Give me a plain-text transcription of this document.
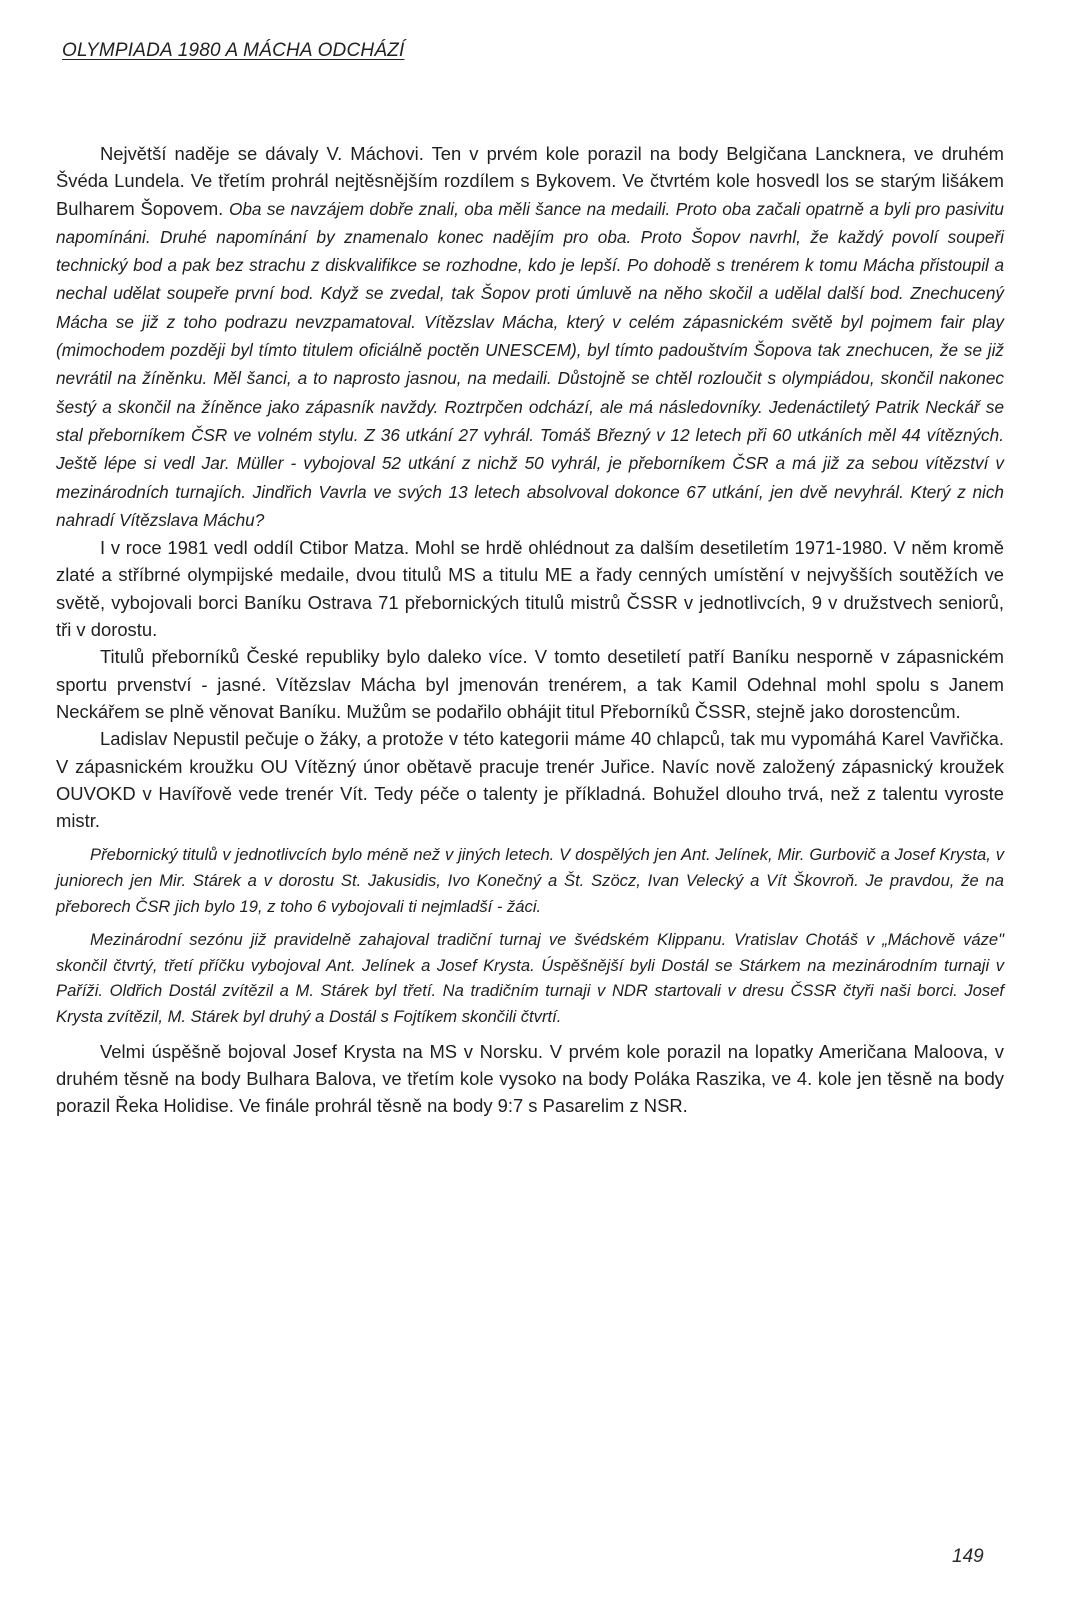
OLYMPIADA 1980 A MÁCHA ODCHÁZÍ

Největší naděje se dávaly V. Máchovi. Ten v prvém kole porazil na body Belgičana Lancknera, ve druhém Švéda Lundela. Ve třetím prohrál nejtěsnějším rozdílem s Bykovem. Ve čtvrtém kole hosvedl los se starým lišákem Bulharem Šopovem. Oba se navzájem dobře znali, oba měli šance na medaili. Proto oba začali opatrně a byli pro pasivitu napomínáni. Druhé napomínání by znamenalo konec nadějím pro oba. Proto Šopov navrhl, že každý povolí soupeři technický bod a pak bez strachu z diskvalifikce se rozhodne, kdo je lepší. Po dohodě s trenérem k tomu Mácha přistoupil a nechal udělat soupeře první bod. Když se zvedal, tak Šopov proti úmluvě na něho skočil a udělal další bod. Znechucený Mácha se již z toho podrazu nevzpamatoval. Vítězslav Mácha, který v celém zápasnickém světě byl pojmem fair play (mimochodem později byl tímto titulem oficiálně poctěn UNESCEM), byl tímto padouštvím Šopova tak znechucen, že se již nevrátil na žíněnku. Měl šanci, a to naprosto jasnou, na medaili. Důstojně se chtěl rozloučit s olympiádou, skončil nakonec šestý a skončil na žíněnce jako zápasník navždy. Roztrpčen odchází, ale má následovníky. Jedenáctiletý Patrik Neckář se stal přeborníkem ČSR ve volném stylu. Z 36 utkání 27 vyhrál. Tomáš Březný v 12 letech při 60 utkáních měl 44 vítězných. Ještě lépe si vedl Jar. Müller - vybojoval 52 utkání z nichž 50 vyhrál, je přeborníkem ČSR a má již za sebou vítězství v mezinárodních turnajích. Jindřich Vavrla ve svých 13 letech absolvoval dokonce 67 utkání, jen dvě nevyhrál. Který z nich nahradí Vítězslava Máchu?

I v roce 1981 vedl oddíl Ctibor Matza. Mohl se hrdě ohlédnout za dalším desetiletím 1971-1980. V něm kromě zlaté a stříbrné olympijské medaile, dvou titulů MS a titulu ME a řady cenných umístění v nejvyšších soutěžích ve světě, vybojovali borci Baníku Ostrava 71 přebornických titulů mistrů ČSSR v jednotlivcích, 9 v družstvech seniorů, tři v dorostu.

Titulů přeborníků České republiky bylo daleko více. V tomto desetiletí patří Baníku nesporně v zápasnickém sportu prvenství - jasné. Vítězslav Mácha byl jmenován trenérem, a tak Kamil Odehnal mohl spolu s Janem Neckářem se plně věnovat Baníku. Mužům se podařilo obhájit titul Přeborníků ČSSR, stejně jako dorostencům.

Ladislav Nepustil pečuje o žáky, a protože v této kategorii máme 40 chlapců, tak mu vypomáhá Karel Vavřička. V zápasnickém kroužku OU Vítězný únor obětavě pracuje trenér Juřice. Navíc nově založený zápasnický kroužek OUVOKD v Havířově vede trenér Vít. Tedy péče o talenty je příkladná. Bohužel dlouho trvá, než z talentu vyroste mistr.

Přebornický titulů v jednotlivcích bylo méně než v jiných letech. V dospělých jen Ant. Jelínek, Mir. Gurbovič a Josef Krysta, v juniorech jen Mir. Stárek a v dorostu St. Jakusidis, Ivo Konečný a Št. Szöcz, Ivan Velecký a Vít Škovroň. Je pravdou, že na přeborech ČSR jich bylo 19, z toho 6 vybojovali ti nejmladší - žáci.

Mezinárodní sezónu již pravidelně zahajoval tradiční turnaj ve švédském Klippanu. Vratislav Chotáš v „Máchově váze" skončil čtvrtý, třetí příčku vybojoval Ant. Jelínek a Josef Krysta. Úspěšnější byli Dostál se Stárkem na mezinárodním turnaji v Paříži. Oldřich Dostál zvítězil a M. Stárek byl třetí. Na tradičním turnaji v NDR startovali v dresu ČSSR čtyři naši borci. Josef Krysta zvítězil, M. Stárek byl druhý a Dostál s Fojtíkem skončili čtvrtí.

Velmi úspěšně bojoval Josef Krysta na MS v Norsku. V prvém kole porazil na lopatky Američana Maloova, v druhém těsně na body Bulhara Balova, ve třetím kole vysoko na body Poláka Raszika, ve 4. kole jen těsně na body porazil Řeka Holidise. Ve finále prohrál těsně na body 9:7 s Pasarelim z NSR.

149
